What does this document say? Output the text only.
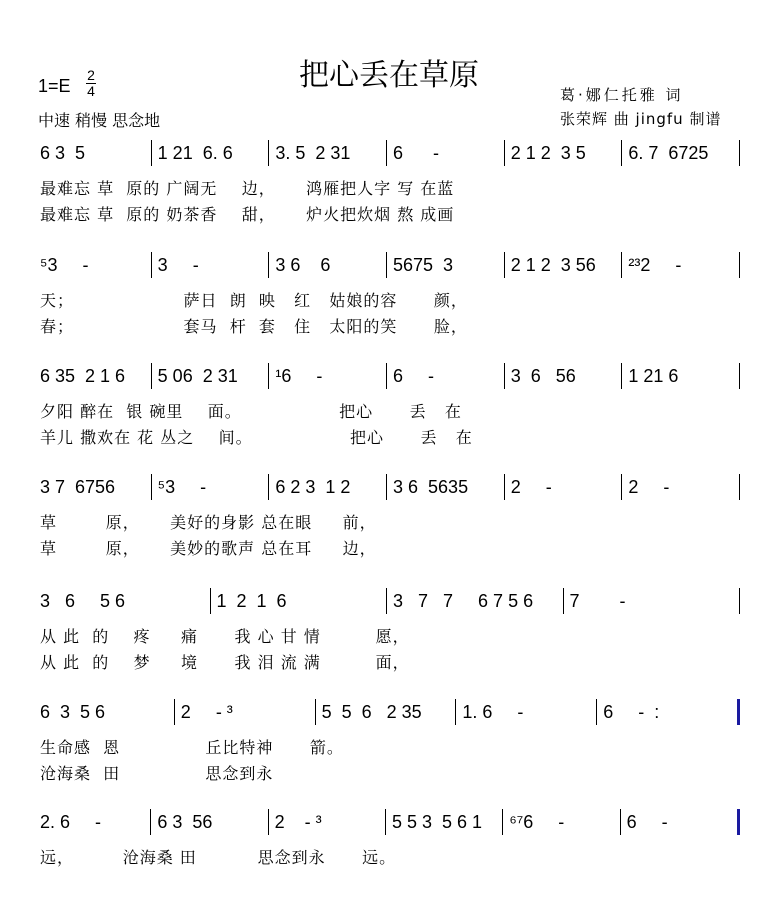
把心丢在草原
1=E
2
4
中速 稍慢 思念地
葛·娜仁托雅 词
张荣辉 曲 jingfu 制谱
6 3  5	1 21  6. 6	3. 5  2 31	6      -	2 1 2  3 5	6. 7  6725
最难忘 草  原的 广阔无    边，     鸿雁把人字 写 在蓝
最难忘 草  原的 奶茶香    甜，     炉火把炊烟 熬 成画
⁵3     -	3     -	3 6    6	5675  3	2 1 2  3 56	²³2     -
天；                  萨日  朗  映   红   姑娘的容      颜，
春；                  套马  杆  套   住   太阳的笑      脸，
6 35  2 1 6	5 06  2 31	¹6     -	6     -	3  6   56	1 21 6
夕阳 醉在  银 碗里    面。                把心      丢   在
羊儿 撒欢在 花 丛之    间。                把心      丢   在
3 7  6756	⁵3     -	6 2 3  1 2	3 6  5635	2     -	2     -
草        原，     美好的身影 总在眼     前，
草        原，     美妙的歌声 总在耳     边，
3   6     5 6	1  2  1  6	3   7   7     6 7 5 6	7        -
从 此  的    疼     痛      我 心 甘 情         愿，
从 此  的    梦     境      我 泪 流 满         面，
6  3  5 6	2     - ³	5  5  6   2 35	1. 6     -	6     -  :
生命感  恩              丘比特神      箭。
沧海桑  田              思念到永
2. 6     -	6 3  56	2    - ³	5 5 3  5 6 1	⁶⁷6     -	6     -
远，        沧海桑 田          思念到永      远。
